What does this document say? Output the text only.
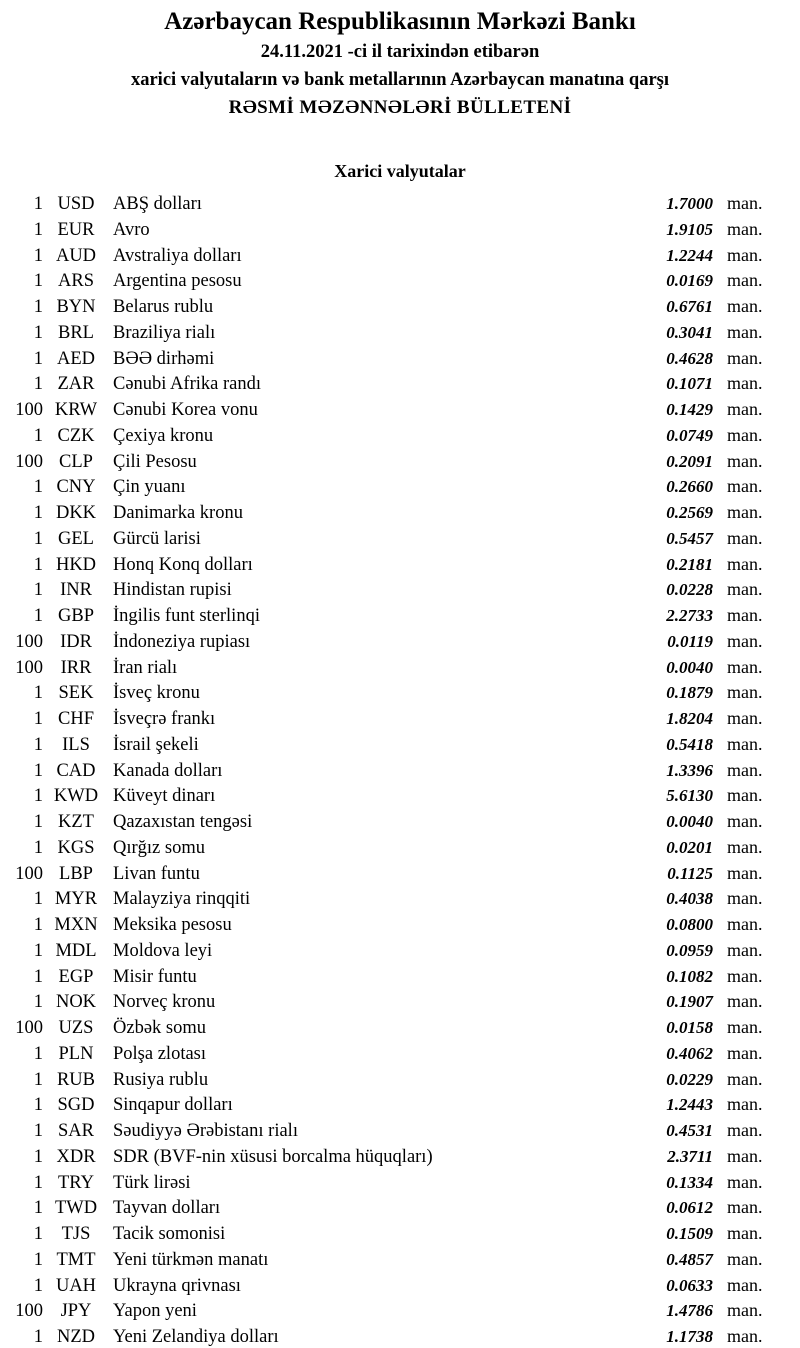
Azərbaycan Respublikasının Mərkəzi Bankı
24.11.2021 -ci il tarixindən etibarən
xarici valyutaların və bank metallarının Azərbaycan manatına qarşı
RƏSMİ MƏZƏNNƏLƏRİ BÜLLETENİ
Xarici valyutalar
1 USD	ABŞ dolları	1.7000 man.
1 EUR	Avro	1.9105 man.
1 AUD Avstraliya dolları	1.2244 man.
1 ARS	Argentina pesosu	0.0169 man.
1 BYN Belarus rublu	0.6761 man.
1 BRL	Braziliya rialı	0.3041 man.
1 AED BƏƏ dirhəmi	0.4628 man.
1 ZAR	Cənubi Afrika randı	0.1071 man.
100 KRW Cənubi Korea vonu	0.1429 man.
1 CZK	Çexiya kronu	0.0749 man.
100 CLP	Çili Pesosu	0.2091 man.
1 CNY Çin yuanı	0.2660 man.
1 DKK Danimarka kronu	0.2569 man.
1 GEL	Gürcü larisi	0.5457 man.
1 HKD Honq Konq dolları	0.2181 man.
1 INR	Hindistan rupisi	0.0228 man.
1 GBP	İngilis funt sterlinqi	2.2733 man.
100 IDR	İndoneziya rupiası	0.0119 man.
100 IRR	İran rialı	0.0040 man.
1 SEK	İsveç kronu	0.1879 man.
1 CHF	İsveçrə frankı	1.8204 man.
1	ILS	İsrail şekeli	0.5418 man.
1 CAD Kanada dolları	1.3396 man.
1 KWD Küveyt dinarı	5.6130 man.
1 KZT	Qazaxıstan tengəsi	0.0040 man.
1 KGS	Qırğız somu	0.0201 man.
100 LBP	Livan funtu	0.1125 man.
1 MYR Malayziya rinqqiti	0.4038 man.
1 MXN Meksika pesosu	0.0800 man.
1 MDL Moldova leyi	0.0959 man.
1 EGP	Misir funtu	0.1082 man.
1 NOK Norveç kronu	0.1907 man.
100 UZS	Özbək somu	0.0158 man.
1 PLN	Polşa zlotası	0.4062 man.
1 RUB Rusiya rublu	0.0229 man.
1 SGD	Sinqapur dolları	1.2443 man.
1 SAR	Səudiyyə Ərəbistanı rialı	0.4531 man.
1 XDR SDR (BVF-nin xüsusi borcalma hüquqları)	2.3711 man.
1 TRY	Türk lirəsi	0.1334 man.
1 TWD Tayvan dolları	0.0612 man.
1	TJS	Tacik somonisi	0.1509 man.
1 TMT Yeni türkmən manatı	0.4857 man.
1 UAH Ukrayna qrivnası	0.0633 man.
100 JPY	Yapon yeni	1.4786 man.
1 NZD Yeni Zelandiya dolları	1.1738 man.
